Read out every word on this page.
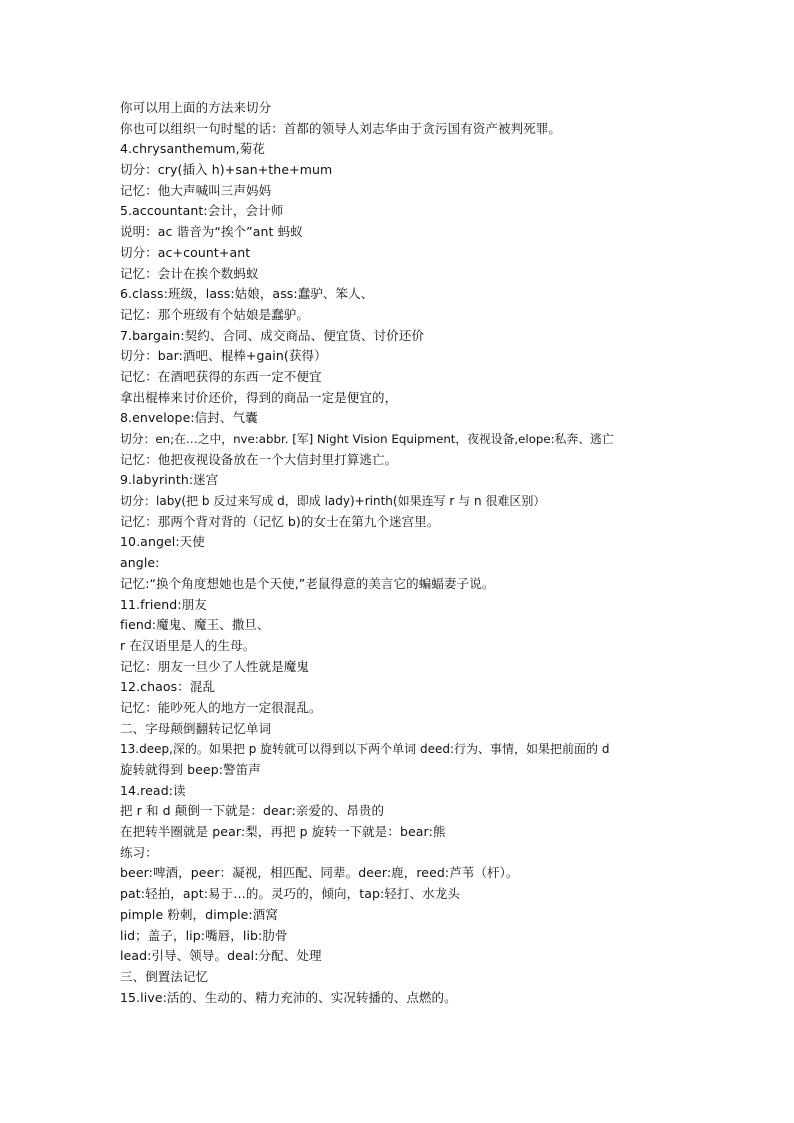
你可以用上面的方法来切分
你也可以组织一句时髦的话：首都的领导人刘志华由于贪污国有资产被判死罪。
4.chrysanthemum,菊花
切分：cry(插入 h)+san+the+mum
记忆：他大声喊叫三声妈妈
5.accountant:会计，会计师
说明：ac 谐音为“挨个”ant 蚂蚁
切分：ac+count+ant
记忆：会计在挨个数蚂蚁
6.class:班级，lass:姑娘，ass:蠢驴、笨人、
记忆：那个班级有个姑娘是蠢驴。
7.bargain:契约、合同、成交商品、便宜货、讨价还价
切分：bar:酒吧、棍棒+gain(获得）
记忆：在酒吧获得的东西一定不便宜
拿出棍棒来讨价还价，得到的商品一定是便宜的，
8.envelope:信封、气囊
切分：en;在…之中，nve:abbr. [军] Night Vision Equipment，夜视设备,elope:私奔、逃亡
记忆：他把夜视设备放在一个大信封里打算逃亡。
9.labyrinth:迷宫
切分：laby(把 b 反过来写成 d，即成 lady)+rinth(如果连写 r 与 n 很难区别）
记忆：那两个背对背的（记忆 b)的女士在第九个迷宫里。
10.angel:天使
angle:
记忆:“换个角度想她也是个天使,”老鼠得意的美言它的蝙蝠妻子说。
11.friend:朋友
fiend:魔鬼、魔王、撒旦、
r 在汉语里是人的生母。
记忆：朋友一旦少了人性就是魔鬼
12.chaos：混乱
记忆：能吵死人的地方一定很混乱。
二、字母颠倒翻转记忆单词
13.deep,深的。如果把 p 旋转就可以得到以下两个单词 deed:行为、事情，如果把前面的 d
旋转就得到 beep:警笛声
14.read:读
把 r 和 d 颠倒一下就是：dear:亲爱的、昂贵的
在把转半圈就是 pear:梨，再把 p 旋转一下就是：bear:熊
练习：
beer:啤酒，peer：凝视，相匹配、同辈。deer:鹿，reed:芦苇（杆）。
pat:轻拍，apt:易于…的。灵巧的，倾向，tap:轻打、水龙头
pimple 粉刺，dimple:酒窝
lid；盖子，lip:嘴唇，lib:肋骨
lead:引导、领导。deal:分配、处理
三、倒置法记忆
15.live:活的、生动的、精力充沛的、实况转播的、点燃的。
